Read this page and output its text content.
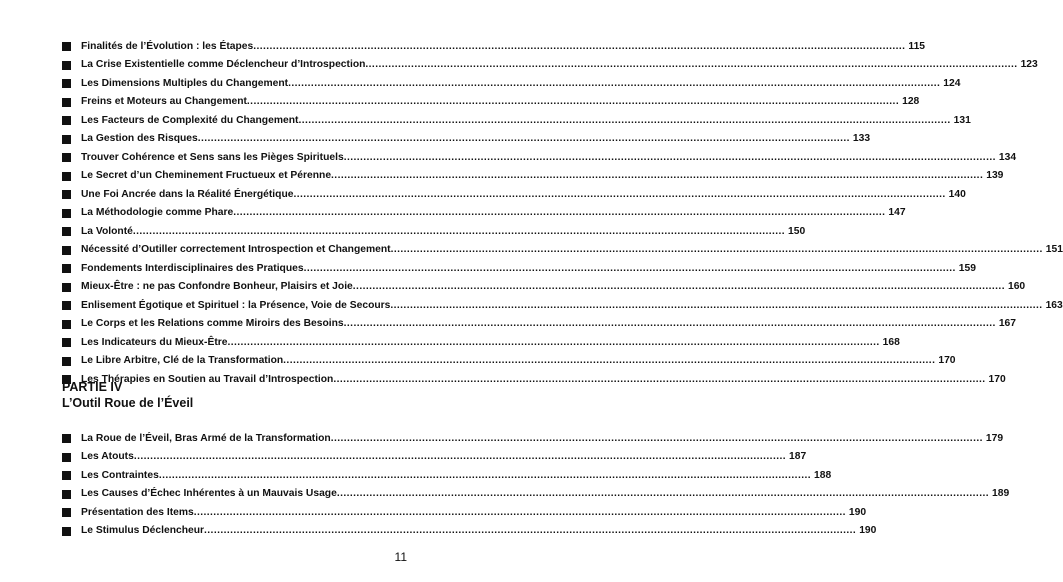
Finalités de l’Évolution : les Étapes .....	115
La Crise Existentielle comme Déclencheur d’Introspection .....	123
Les Dimensions Multiples du Changement .....	124
Freins et Moteurs au Changement .....	128
Les Facteurs de Complexité du Changement .....	131
La Gestion des Risques .....	133
Trouver Cohérence et Sens sans les Pièges Spirituels .....	134
Le Secret d’un Cheminement Fructueux et Pérenne .....	139
Une Foi Ancrée dans la Réalité Énergétique .....	140
La Méthodologie comme Phare .....	147
La Volonté .....	150
Nécessité d’Outiller correctement Introspection et Changement .....	151
Fondements Interdisciplinaires des Pratiques .....	159
Mieux-Être : ne pas Confondre Bonheur, Plaisirs et Joie .....	160
Enlisement Égotique et Spirituel : la Présence, Voie de Secours .....	163
Le Corps et les Relations comme Miroirs des Besoins .....	167
Les Indicateurs du Mieux-Être .....	168
Le Libre Arbitre, Clé de la Transformation .....	170
Les Thérapies en Soutien au Travail d’Introspection .....	170
PARTIE IV
L’Outil Roue de l’Éveil
La Roue de l’Éveil, Bras Armé de la Transformation .....	179
Les Atouts .....	187
Les Contraintes .....	188
Les Causes d’Échec Inhérentes à un Mauvais Usage .....	189
Présentation des Items .....	190
Le Stimulus Déclencheur .....	190
11
